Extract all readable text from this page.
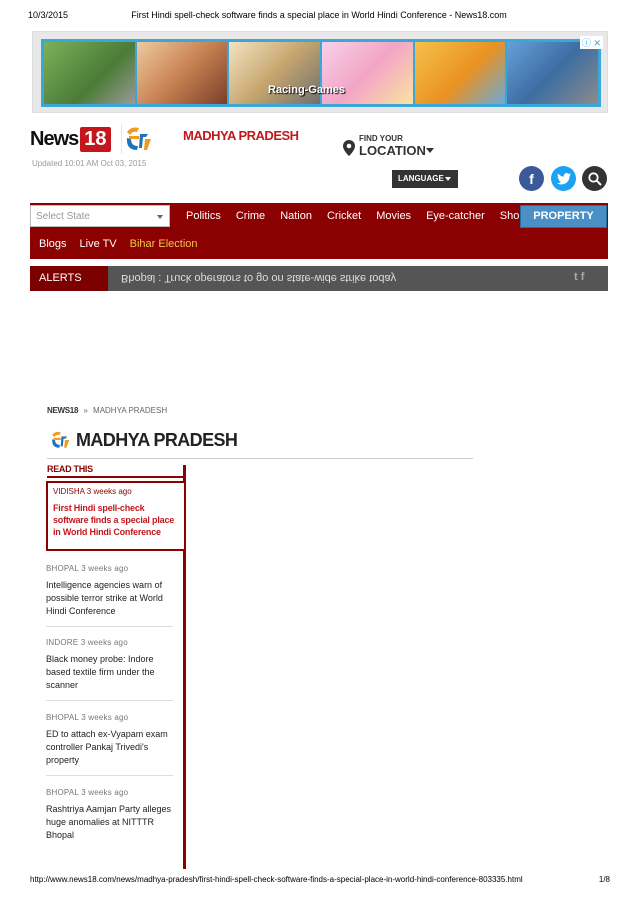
10/3/2015	First Hindi spell-check software finds a special place in World Hindi Conference - News18.com
Racing-Games
ⓘ ✕
News 18	MADHYA PRADESH
Updated 10:01 AM Oct 03, 2015
FIND YOUR
LOCATION
LANGUAGE	f
Select State	Politics Crime Nation Cricket Movies Eye-catcher Sho	PROPERTY
Blogs Live TV Bihar Election
ALERTS	Bhopal : Truck operators to go on state-wide strike today	t f
NEWS18 » MADHYA PRADESH
MADHYA PRADESH
READ THIS
VIDISHA 3 weeks ago
First Hindi spell-check software finds a special place in World Hindi Conference
BHOPAL 3 weeks ago
Intelligence agencies warn of possible terror strike at World Hindi Conference
INDORE 3 weeks ago
Black money probe: Indore based textile firm under the scanner
BHOPAL 3 weeks ago
ED to attach ex-Vyapam exam controller Pankaj Trivedi's property
BHOPAL 3 weeks ago
Rashtriya Aamjan Party alleges huge anomalies at NITTTR Bhopal
http://www.news18.com/news/madhya-pradesh/first-hindi-spell-check-software-finds-a-special-place-in-world-hindi-conference-803335.html	1/8
